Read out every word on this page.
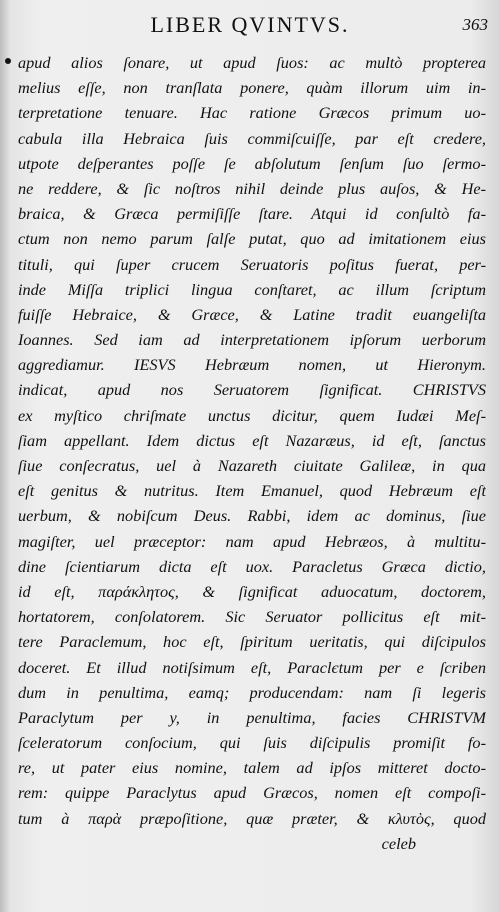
LIBER QVINTVS.	363
apud alios ſonare, ut apud ſuos: ac multò propterea
melius eſſe, non tranſlata ponere, quàm illorum uim in-
terpretatione tenuare. Hac ratione Græcos primum uo-
cabula illa Hebraica ſuis commiſcuiſſe, par eſt credere,
utpote deſperantes poſſe ſe abſolutum ſenſum ſuo ſermo-
ne reddere, & ſic noſtros nihil deinde plus auſos, & He-
braica, & Græca permiſiſſe ſtare. Atqui id conſultò fa-
ctum non nemo parum ſalſe putat, quo ad imitationem eius
tituli, qui ſuper crucem Seruatoris poſitus fuerat, per-
inde Miſſa triplici lingua conſtaret, ac illum ſcriptum
fuiſſe Hebraice, & Græce, & Latine tradit euangeliſta
Ioannes. Sed iam ad interpretationem ipſorum uerborum
aggrediamur. IESVS Hebræum nomen, ut Hieronym.
indicat, apud nos Seruatorem ſignificat. CHRISTVS
ex myſtico chriſmate unctus dicitur, quem Iudæi Meſ-
ſiam appellant. Idem dictus eſt Nazaræus, id eſt, ſanctus
ſiue conſecratus, uel à Nazareth ciuitate Galileæ, in qua
eſt genitus & nutritus. Item Emanuel, quod Hebræum eſt
uerbum, & nobiſcum Deus. Rabbi, idem ac dominus, ſiue
magiſter, uel præceptor: nam apud Hebræos, à multitu-
dine ſcientiarum dicta eſt uox. Paracletus Græca dictio,
id eſt, παράκλητος, & ſignificat aduocatum, doctorem,
hortatorem, conſolatorem. Sic Seruator pollicitus eſt mit-
tere Paraclетum, hoc eſt, ſpiritum ueritatis, qui diſcipulos
doceret. Et illud notiſsimum eſt, Paraclєtum per e ſcriben
dum in penultima, eamq; producendam: nam ſi legeris
Paraclytum per y, in penultima, facies CHRISTVM
ſceleratorum conſocium, qui ſuis diſcipulis promiſit fo-
re, ut pater eius nomine, talem ad ipſos mitteret docto-
rem: quippe Paraclytus apud Græcos, nomen eſt compoſi-
tum à παρὰ præpoſitione, quæ præter, & κλυτὸς, quod
celeb
